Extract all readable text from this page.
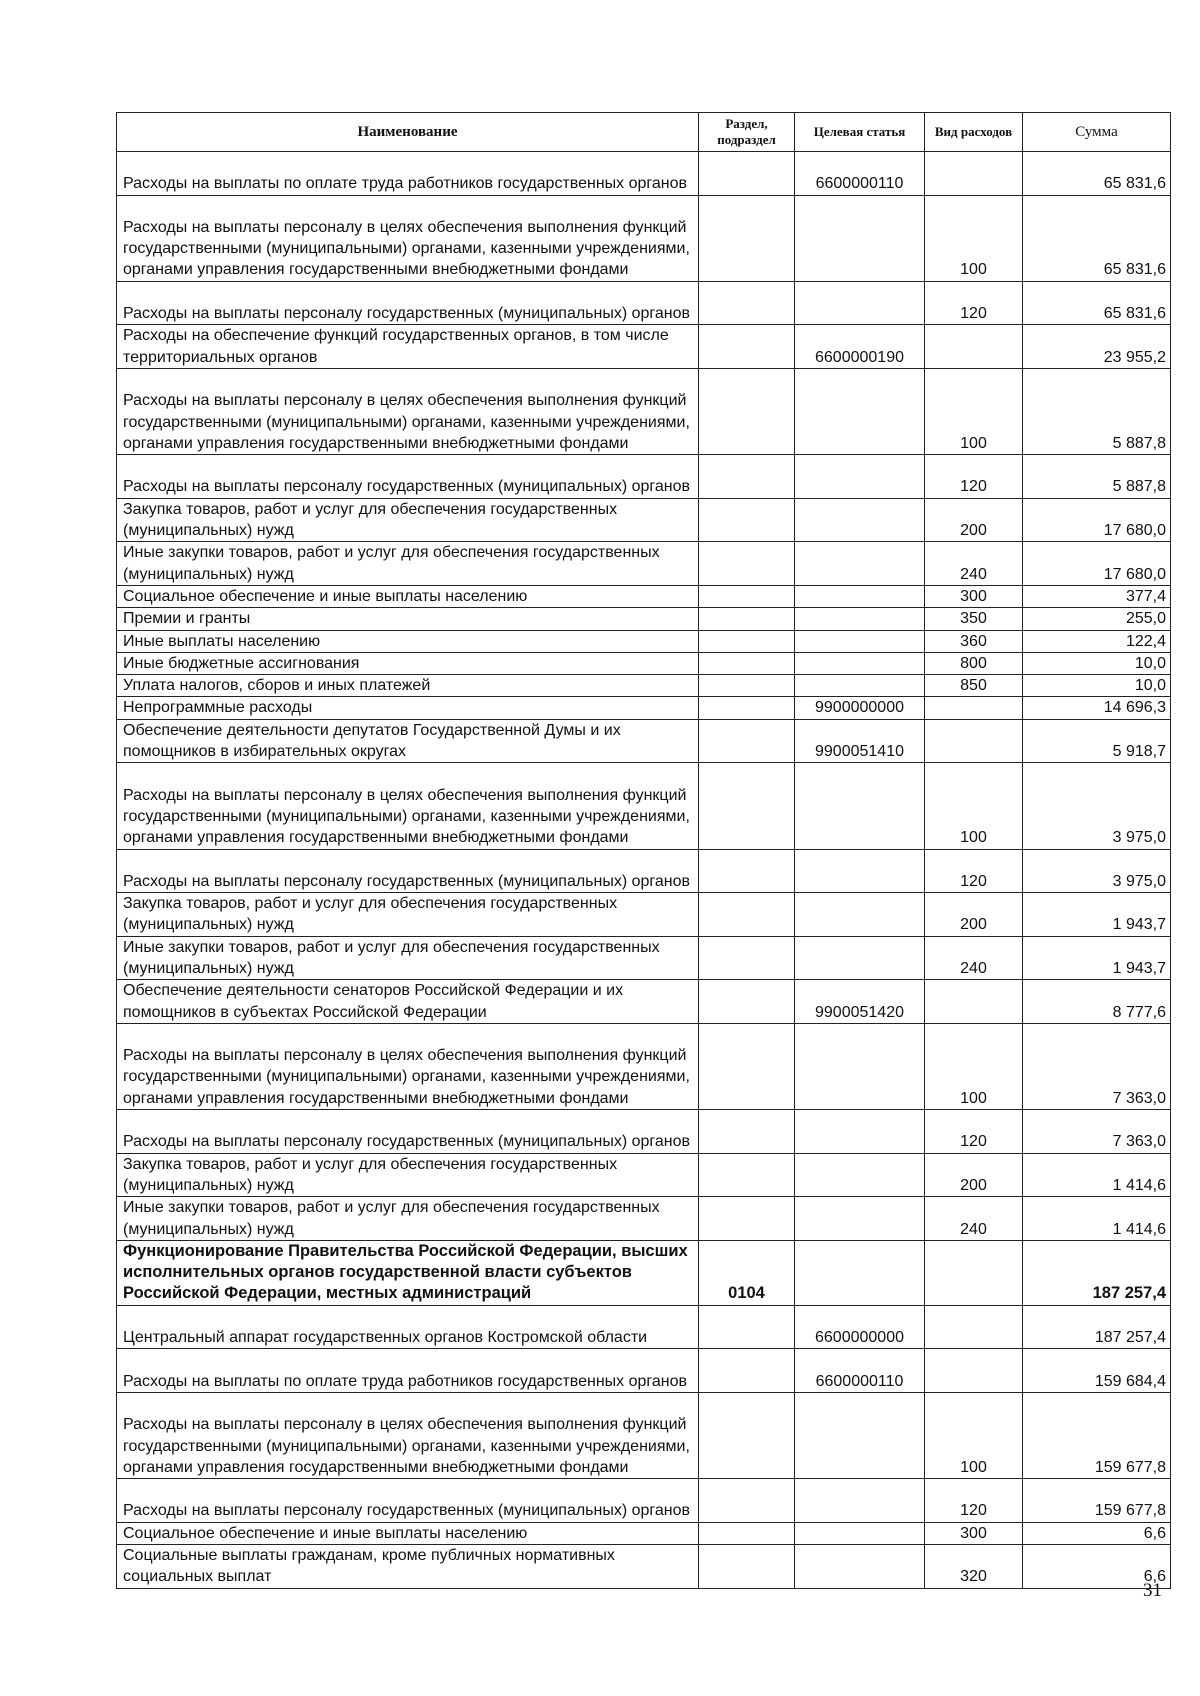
Наименование	Раздел, подраздел	Целевая статья	Вид расходов	Сумма
Расходы на выплаты по оплате труда работников государственных органов		6600000110		65 831,6
Расходы на выплаты персоналу в целях обеспечения выполнения функций государственными (муниципальными) органами, казенными учреждениями, органами управления государственными внебюджетными фондами			100	65 831,6
Расходы на выплаты персоналу государственных (муниципальных) органов			120	65 831,6
Расходы на обеспечение функций государственных органов, в том числе территориальных органов		6600000190		23 955,2
Расходы на выплаты персоналу в целях обеспечения выполнения функций государственными (муниципальными) органами, казенными учреждениями, органами управления государственными внебюджетными фондами			100	5 887,8
Расходы на выплаты персоналу государственных (муниципальных) органов			120	5 887,8
Закупка товаров, работ и услуг для обеспечения государственных (муниципальных) нужд			200	17 680,0
Иные закупки товаров, работ и услуг для обеспечения государственных (муниципальных) нужд			240	17 680,0
Социальное обеспечение и иные выплаты населению			300	377,4
Премии и гранты			350	255,0
Иные выплаты населению			360	122,4
Иные бюджетные ассигнования			800	10,0
Уплата налогов, сборов и иных платежей			850	10,0
Непрограммные расходы		9900000000		14 696,3
Обеспечение деятельности депутатов Государственной Думы и их помощников в избирательных округах		9900051410		5 918,7
Расходы на выплаты персоналу в целях обеспечения выполнения функций государственными (муниципальными) органами, казенными учреждениями, органами управления государственными внебюджетными фондами			100	3 975,0
Расходы на выплаты персоналу государственных (муниципальных) органов			120	3 975,0
Закупка товаров, работ и услуг для обеспечения государственных (муниципальных) нужд			200	1 943,7
Иные закупки товаров, работ и услуг для обеспечения государственных (муниципальных) нужд			240	1 943,7
Обеспечение деятельности сенаторов Российской Федерации и их помощников в субъектах Российской Федерации		9900051420		8 777,6
Расходы на выплаты персоналу в целях обеспечения выполнения функций государственными (муниципальными) органами, казенными учреждениями, органами управления государственными внебюджетными фондами			100	7 363,0
Расходы на выплаты персоналу государственных (муниципальных) органов			120	7 363,0
Закупка товаров, работ и услуг для обеспечения государственных (муниципальных) нужд			200	1 414,6
Иные закупки товаров, работ и услуг для обеспечения государственных (муниципальных) нужд			240	1 414,6
Функционирование Правительства Российской Федерации, высших исполнительных органов государственной власти субъектов Российской Федерации, местных администраций	0104			187 257,4
Центральный аппарат государственных органов Костромской области		6600000000		187 257,4
Расходы на выплаты по оплате труда работников государственных органов		6600000110		159 684,4
Расходы на выплаты персоналу в целях обеспечения выполнения функций государственными (муниципальными) органами, казенными учреждениями, органами управления государственными внебюджетными фондами			100	159 677,8
Расходы на выплаты персоналу государственных (муниципальных) органов			120	159 677,8
Социальное обеспечение и иные выплаты населению			300	6,6
Социальные выплаты гражданам, кроме публичных нормативных социальных выплат			320	6,6
31
